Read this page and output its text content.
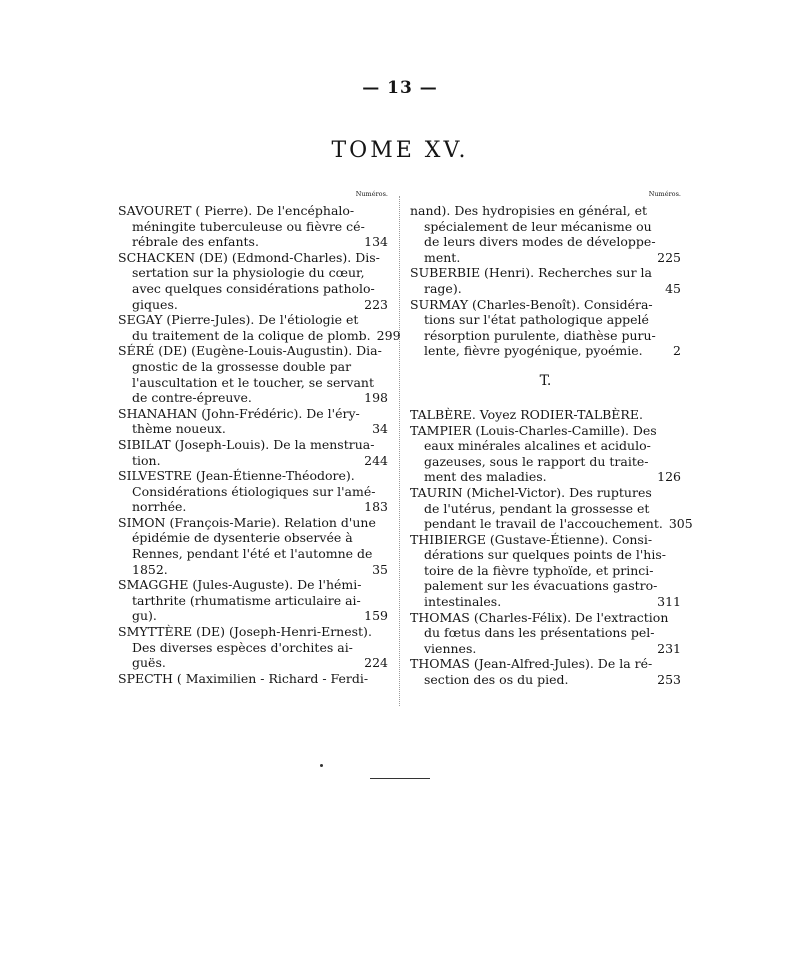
— 13 —
TOME XV.
Numéros.
SAVOURET ( Pierre). De l'encéphalo-
méningite tuberculeuse ou fièvre cé-
rébrale des enfants.	134
SCHACKEN (DE) (Edmond-Charles). Dis-
sertation sur la physiologie du cœur,
avec quelques considérations patholo-
giques.	223
SEGAY (Pierre-Jules). De l'étiologie et
du traitement de la colique de plomb. 299
SÉRÉ (DE) (Eugène-Louis-Augustin). Dia-
gnostic de la grossesse double par
l'auscultation et le toucher, se servant
de contre-épreuve.	198
SHANAHAN (John-Frédéric). De l'éry-
thème noueux.	34
SIBILAT (Joseph-Louis). De la menstrua-
tion.	244
SILVESTRE (Jean-Étienne-Théodore).
Considérations étiologiques sur l'amé-
norrhée.	183
SIMON (François-Marie). Relation d'une
épidémie de dysenterie observée à
Rennes, pendant l'été et l'automne de
1852.	35
SMAGGHE (Jules-Auguste). De l'hémi-
tarthrite (rhumatisme articulaire ai-
gu).	159
SMYTTÈRE (DE) (Joseph-Henri-Ernest).
Des diverses espèces d'orchites ai-
guës.	224
SPECTH ( Maximilien - Richard - Ferdi-
Numéros.
nand). Des hydropisies en général, et
spécialement de leur mécanisme ou
de leurs divers modes de développe-
ment.	225
SUBERBIE (Henri). Recherches sur la
rage).	45
SURMAY (Charles-Benoît). Considéra-
tions sur l'état pathologique appelé
résorption purulente, diathèse puru-
lente, fièvre pyogénique, pyoémie.	2
T.
TALBÈRE. Voyez RODIER-TALBÈRE.
TAMPIER (Louis-Charles-Camille). Des
eaux minérales alcalines et acidulo-
gazeuses, sous le rapport du traite-
ment des maladies.	126
TAURIN (Michel-Victor). Des ruptures
de l'utérus, pendant la grossesse et
pendant le travail de l'accouchement. 305
THIBIERGE (Gustave-Étienne). Consi-
dérations sur quelques points de l'his-
toire de la fièvre typhoïde, et princi-
palement sur les évacuations gastro-
intestinales.	311
THOMAS (Charles-Félix). De l'extraction
du fœtus dans les présentations pel-
viennes.	231
THOMAS (Jean-Alfred-Jules). De la ré-
section des os du pied.	253
